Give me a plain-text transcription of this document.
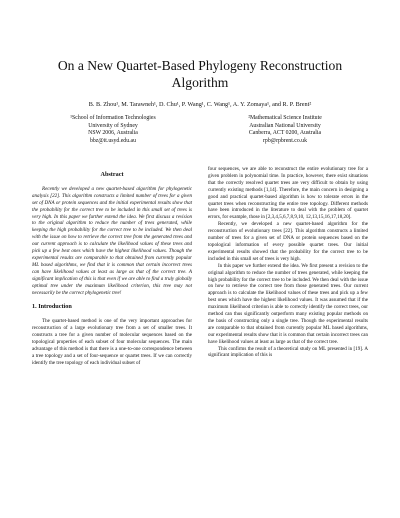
On a New Quartet-Based Phylogeny Reconstruction
Algorithm
B. B. Zhou¹, M. Tarawneh¹, D. Chu¹, P. Wang¹, C. Wang¹, A. Y. Zomaya¹, and R. P. Brent²
¹School of Information Technologies
University of Sydney
NSW 2006, Australia
bbz@it.usyd.edu.au
²Mathematical Science Institute
Australian National University
Canberra, ACT 0200, Australia
rpb@rpbrent.co.uk
Abstract

Recently we developed a new quartet-based algorithm for phylogenetic analysis [22]. This algorithm constructs a limited number of trees for a given set of DNA or protein sequences and the initial experimental results show that the probability for the correct tree to be included in this small set of trees is very high. In this paper we further extend the idea. We first discuss a revision to the original algorithm to reduce the number of trees generated, while keeping the high probability for the correct tree to be included. We then deal with the issue on how to retrieve the correct tree from the generated trees and our current approach is to calculate the likelihood values of these trees and pick up a few best ones which have the highest likelihood values. Though the experimental results are comparable to that obtained from currently popular ML based algorithms, we find that it is common that certain incorrect trees can have likelihood values at least as large as that of the correct tree. A significant implication of this is that even if we are able to find a truly globally optimal tree under the maximum likelihood criterion, this tree may not necessarily be the correct phylogenetic tree!

1. Introduction

The quartet-based method is one of the very important approaches for reconstruction of a large evolutionary tree from a set of smaller trees. It constructs a tree for a given number of molecular sequences based on the topological properties of each subset of four molecular sequences. The main advantage of this method is that there is a one-to-one correspondence between a tree topology and a set of four-sequence or quartet trees. If we can correctly identify the tree topology of each individual subset of

four sequences, we are able to reconstruct the entire evolutionary tree for a given problem in polynomial time. In practice, however, there exist situations that the correctly resolved quartet trees are very difficult to obtain by using currently existing methods [1,14]. Therefore, the main concern in designing a good and practical quartet-based algorithm is how to tolerate errors in the quartet trees when reconstructing the entire tree topology. Different methods have been introduced in the literature to deal with the problem of quartet errors, for example, those in [2,3,4,5,6,7,8,9,10, 12,13,15,16,17,18,20].

Recently, we developed a new quartet-based algorithm for the reconstruction of evolutionary trees [22]. This algorithm constructs a limited number of trees for a given set of DNA or protein sequences based on the topological information of every possible quartet trees. Our initial experimental results showed that the probability for the correct tree to be included in this small set of trees is very high.

In this paper we further extend the idea. We first present a revision to the original algorithm to reduce the number of trees generated, while keeping the high probability for the correct tree to be included. We then deal with the issue on how to retrieve the correct tree from those generated trees. Our current approach is to calculate the likelihood values of these trees and pick up a few best ones which have the highest likelihood values. It was assumed that if the maximum likelihood criterion is able to correctly identify the correct trees, our method can thus significantly outperform many existing popular methods on the basis of constructing only a single tree. Though the experimental results are comparable to that obtained from currently popular ML based algorithms, our experimental results show that it is common that certain incorrect trees can have likelihood values at least as large as that of the correct tree.

This confirms the result of a theoretical study on ML presented in [19]. A significant implication of this is
